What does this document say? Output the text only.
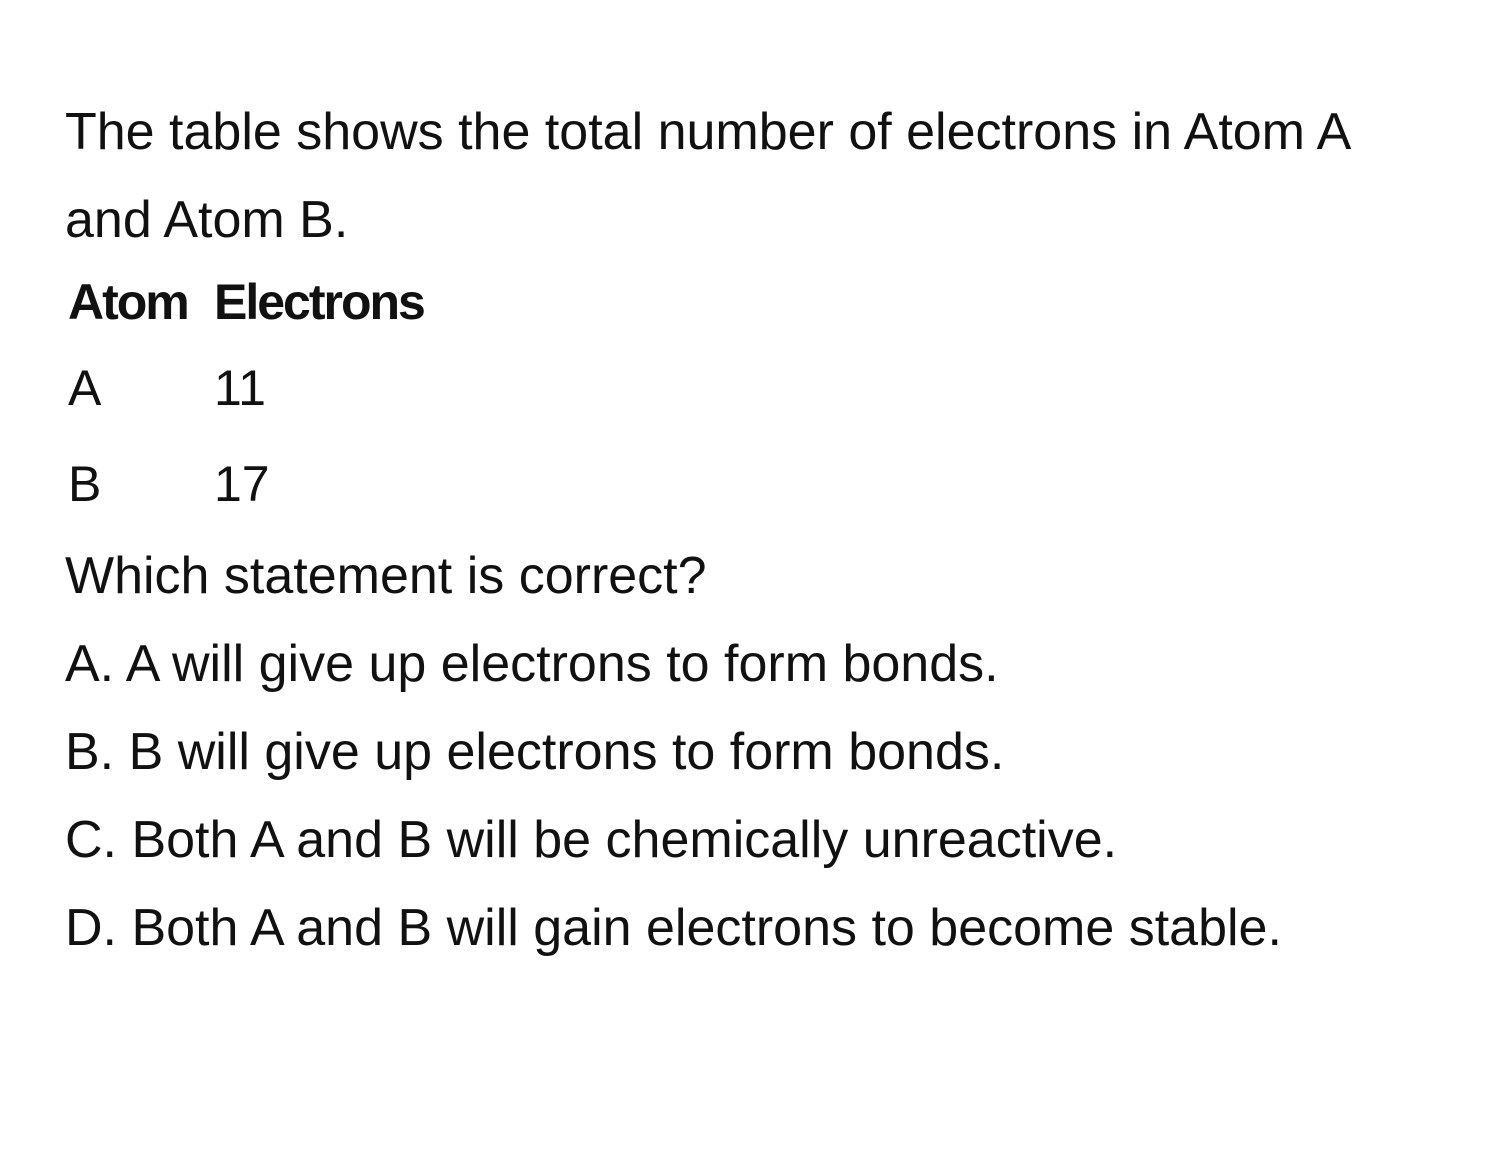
The table shows the total number of electrons in Atom A and Atom B.

Atom	Electrons
A	11
B	17

Which statement is correct?

A. A will give up electrons to form bonds.
B. B will give up electrons to form bonds.
C. Both A and B will be chemically unreactive.
D. Both A and B will gain electrons to become stable.
